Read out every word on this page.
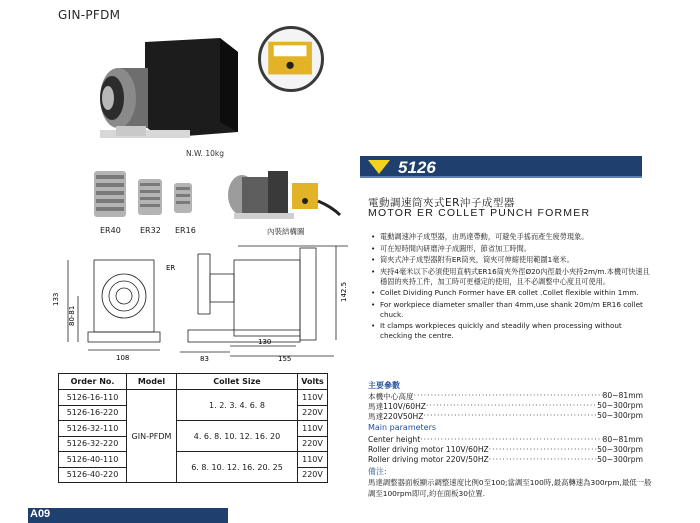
GIN-PFDM
N.W. 10kg
ER40 ER32 ER16	內裝結構圖
133
80-81
108	83
130
155
142.5
ER
Order No.	Model	Collet Size	Volts
5126-16-110	GIN-PFDM	1. 2. 3. 4. 6. 8	110V
5126-16-220			220V
5126-32-110		4. 6. 8. 10. 12. 16. 20	110V
5126-32-220			220V
5126-40-110		6. 8. 10. 12. 16. 20. 25	110V
5126-40-220			220V
A09
5126
電動調速筒夾式ER沖子成型器
MOTOR ER COLLET PUNCH FORMER
• 電動調速沖子成型器，由馬達帶動，可避免手搖而產生疲勞現象。
• 可在短時間內研磨沖子成圓形，節省加工時間。
• 筒夾式沖子成型器附有ER筒夾，筒夾可伸縮使用範圍1毫米。
• 夾持4毫米以下必須使用直柄式ER16筒夾外徑Ø20內徑最小夾持2m/m.本機可快速且穩固的夾持工件，加工時可更穩定的使用，且不必調整中心度且可使用。
• Collet Dividing Punch Former have ER collet .Collet flexible within 1mm.
• For workpiece diameter smaller than 4mm,use shank 20m/m ER16 collet chuck.
• It clamps workpieces quickly and steadily when processing without checking the centre.
主要參數
本機中心高度 ·····	80~81mm
馬達110V/60HZ ·····	50~300rpm
馬達220V50HZ ·····	50~300rpm
Main parameters
Center height ·····	80~81mm
Roller driving motor 110V/60HZ ·····	50~300rpm
Roller driving motor 220V/50HZ ·····	50~300rpm
備注:
馬達調整器面板顯示調整速度比例0至100;當調至100時,最高轉速為300rpm,最低一般調至100rpm即可,約在面板30位置.
